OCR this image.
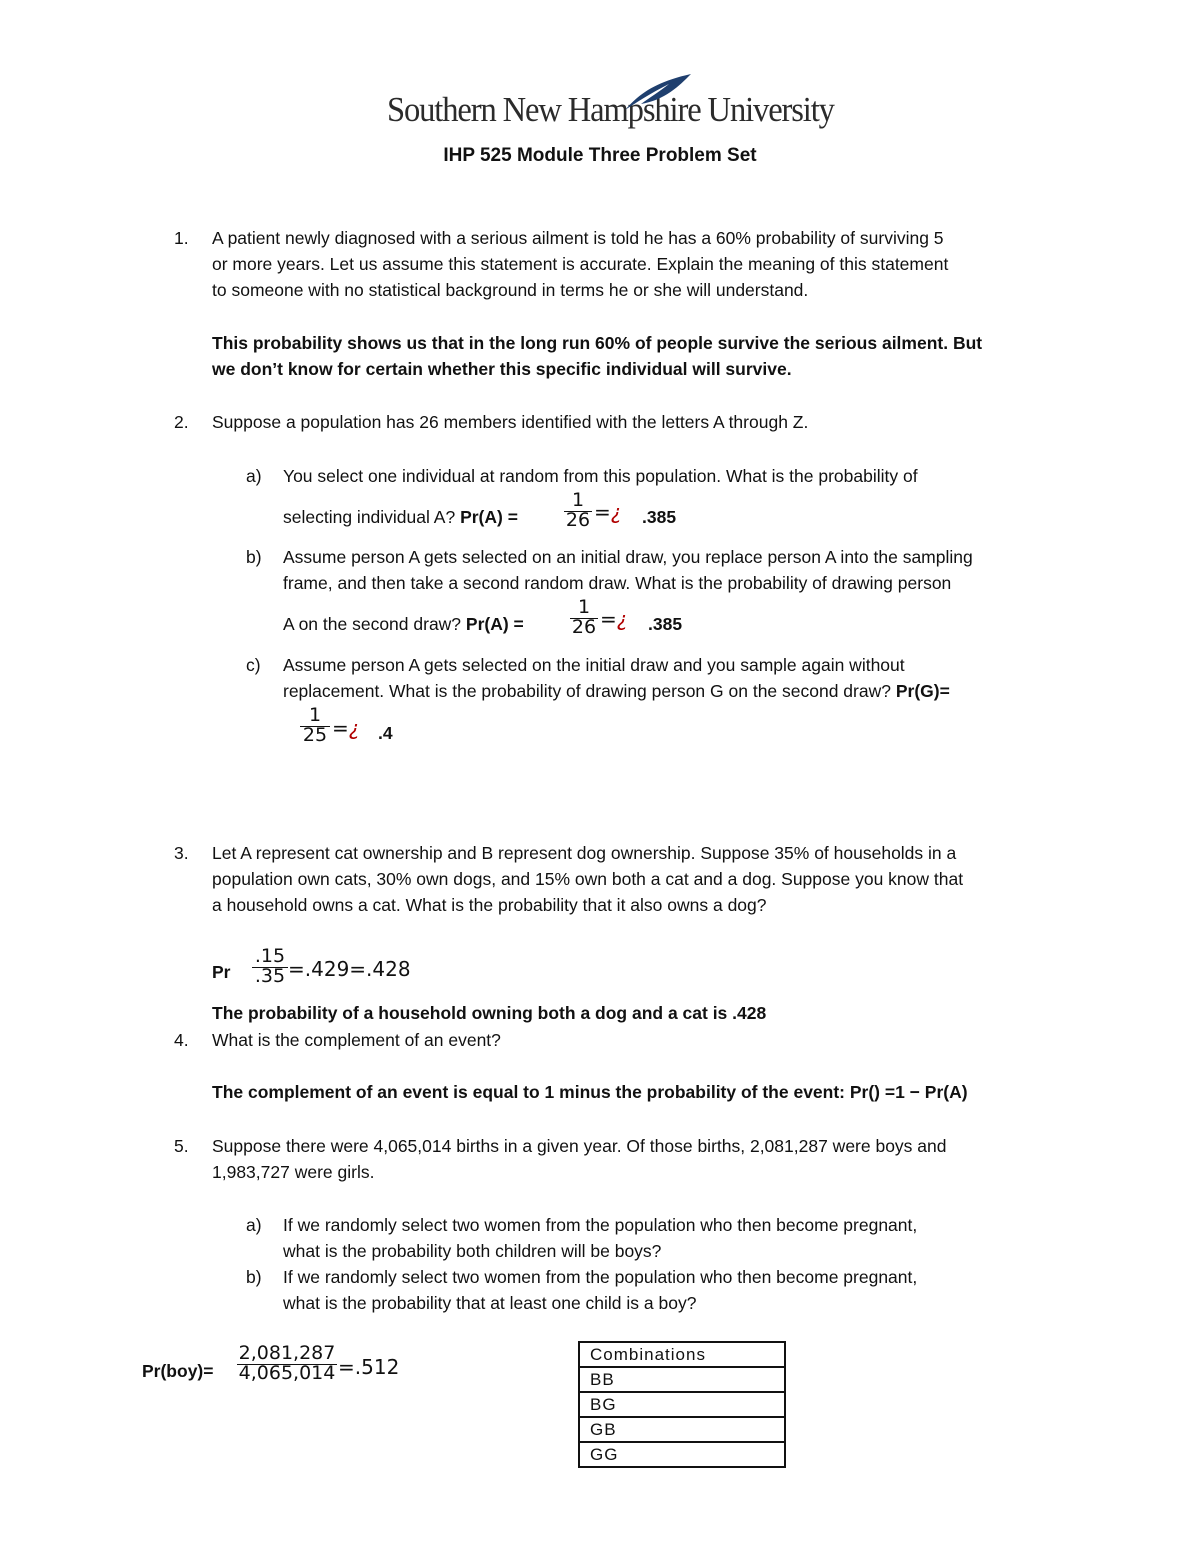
Southern New Hampshire University
IHP 525 Module Three Problem Set
1. A patient newly diagnosed with a serious ailment is told he has a 60% probability of surviving 5
or more years. Let us assume this statement is accurate. Explain the meaning of this statement
to someone with no statistical background in terms he or she will understand.
This probability shows us that in the long run 60% of people survive the serious ailment. But
we don’t know for certain whether this specific individual will survive.
2. Suppose a population has 26 members identified with the letters A through Z.
a) You select one individual at random from this population. What is the probability of
selecting individual A? Pr(A) =
1
26 =¿ .385
b) Assume person A gets selected on an initial draw, you replace person A into the sampling
frame, and then take a second random draw. What is the probability of drawing person
A on the second draw? Pr(A) =
1
26 =¿ .385
c) Assume person A gets selected on the initial draw and you sample again without
replacement. What is the probability of drawing person G on the second draw? Pr(G)=
1
25 =¿ .4
3. Let A represent cat ownership and B represent dog ownership. Suppose 35% of households in a
population own cats, 30% own dogs, and 15% own both a cat and a dog. Suppose you know that
a household owns a cat. What is the probability that it also owns a dog?
Pr
.15
.35 =.429=.428
The probability of a household owning both a dog and a cat is .428
4. What is the complement of an event?
The complement of an event is equal to 1 minus the probability of the event: Pr() =1 − Pr(A)
5. Suppose there were 4,065,014 births in a given year. Of those births, 2,081,287 were boys and
1,983,727 were girls.
a) If we randomly select two women from the population who then become pregnant,
what is the probability both children will be boys?
b) If we randomly select two women from the population who then become pregnant,
what is the probability that at least one child is a boy?
Pr(boy)=
2,081,287
4,065,014 =.512
Combinations
BB
BG
GB
GG
